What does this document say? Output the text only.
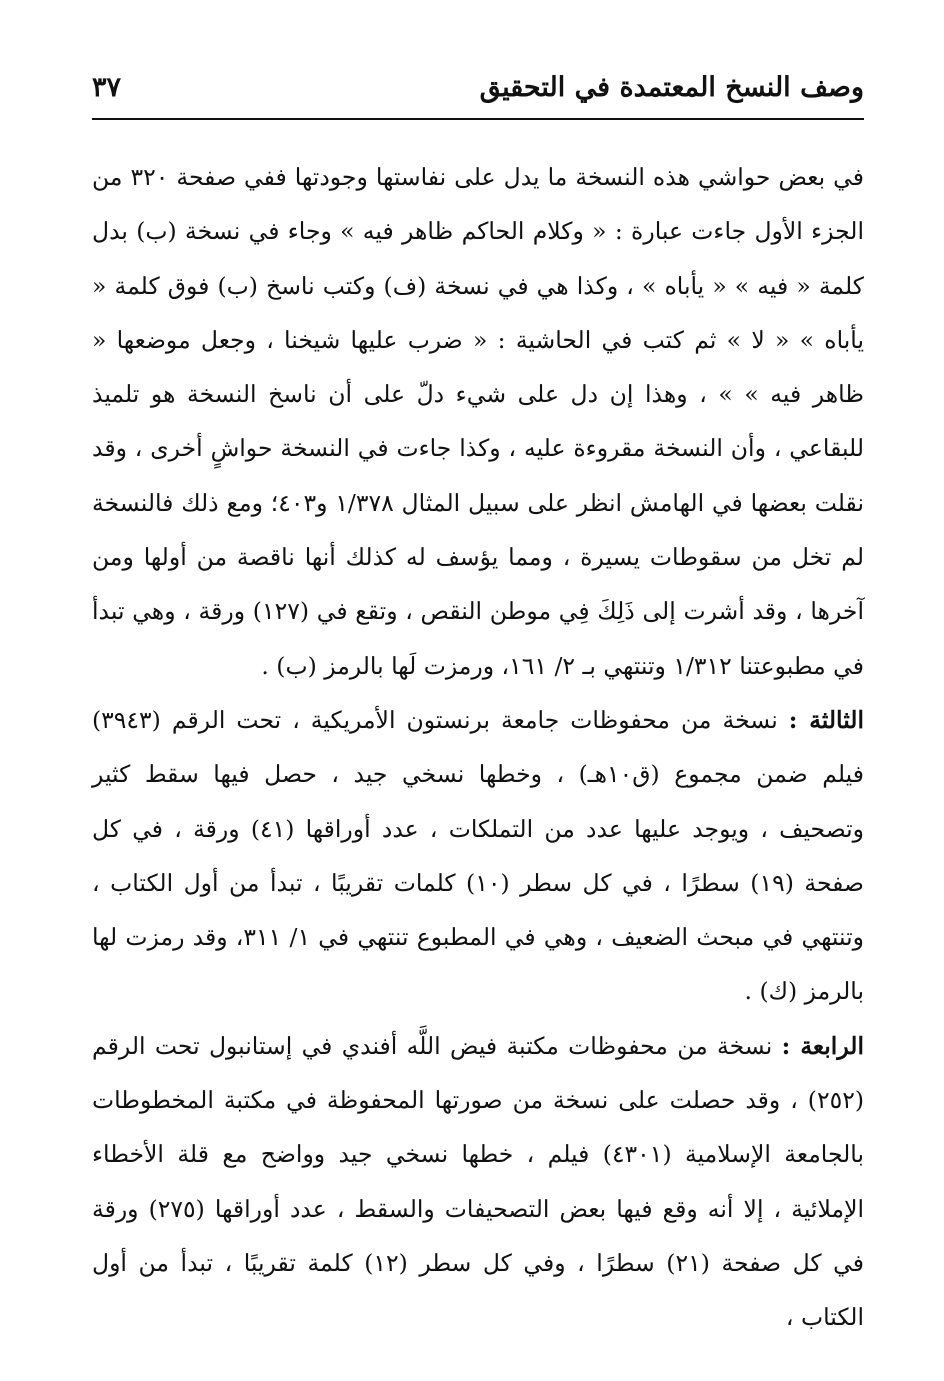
وصف النسخ المعتمدة في التحقيق
٣٧

في بعض حواشي هذه النسخة ما يدل على نفاستها وجودتها ففي صفحة ٣٢٠ من الجزء الأول جاءت عبارة : « وكلام الحاكم ظاهر فيه » وجاء في نسخة (ب) بدل كلمة « فيه » « يأباه » ، وكذا هي في نسخة (ف) وكتب ناسخ (ب) فوق كلمة « يأباه » « لا » ثم كتب في الحاشية : « ضرب عليها شيخنا ، وجعل موضعها « ظاهر فيه » » ، وهذا إن دل على شيء دلّ على أن ناسخ النسخة هو تلميذ للبقاعي ، وأن النسخة مقروءة عليه ، وكذا جاءت في النسخة حواشٍ أخرى ، وقد نقلت بعضها في الهامش انظر على سبيل المثال ١/٣٧٨ و٤٠٣؛ ومع ذلك فالنسخة لم تخل من سقوطات يسيرة ، ومما يؤسف له كذلك أنها ناقصة من أولها ومن آخرها ، وقد أشرت إلى ذَلِكَ فِي موطن النقص ، وتقع في (١٢٧) ورقة ، وهي تبدأ في مطبوعتنا ١/٣١٢ وتنتهي بـ ٢/ ١٦١، ورمزت لَها بالرمز (ب) .

الثالثة : نسخة من محفوظات جامعة برنستون الأمريكية ، تحت الرقم (٣٩٤٣) فيلم ضمن مجموع (ق١٠هـ) ، وخطها نسخي جيد ، حصل فيها سقط كثير وتصحيف ، ويوجد عليها عدد من التملكات ، عدد أوراقها (٤١) ورقة ، في كل صفحة (١٩) سطرًا ، في كل سطر (١٠) كلمات تقريبًا ، تبدأ من أول الكتاب ، وتنتهي في مبحث الضعيف ، وهي في المطبوع تنتهي في ١/ ٣١١، وقد رمزت لها بالرمز (ك) .

الرابعة : نسخة من محفوظات مكتبة فيض اللَّه أفندي في إستانبول تحت الرقم (٢٥٢) ، وقد حصلت على نسخة من صورتها المحفوظة في مكتبة المخطوطات بالجامعة الإسلامية (٤٣٠١) فيلم ، خطها نسخي جيد وواضح مع قلة الأخطاء الإملائية ، إلا أنه وقع فيها بعض التصحيفات والسقط ، عدد أوراقها (٢٧٥) ورقة في كل صفحة (٢١) سطرًا ، وفي كل سطر (١٢) كلمة تقريبًا ، تبدأ من أول الكتاب ،
